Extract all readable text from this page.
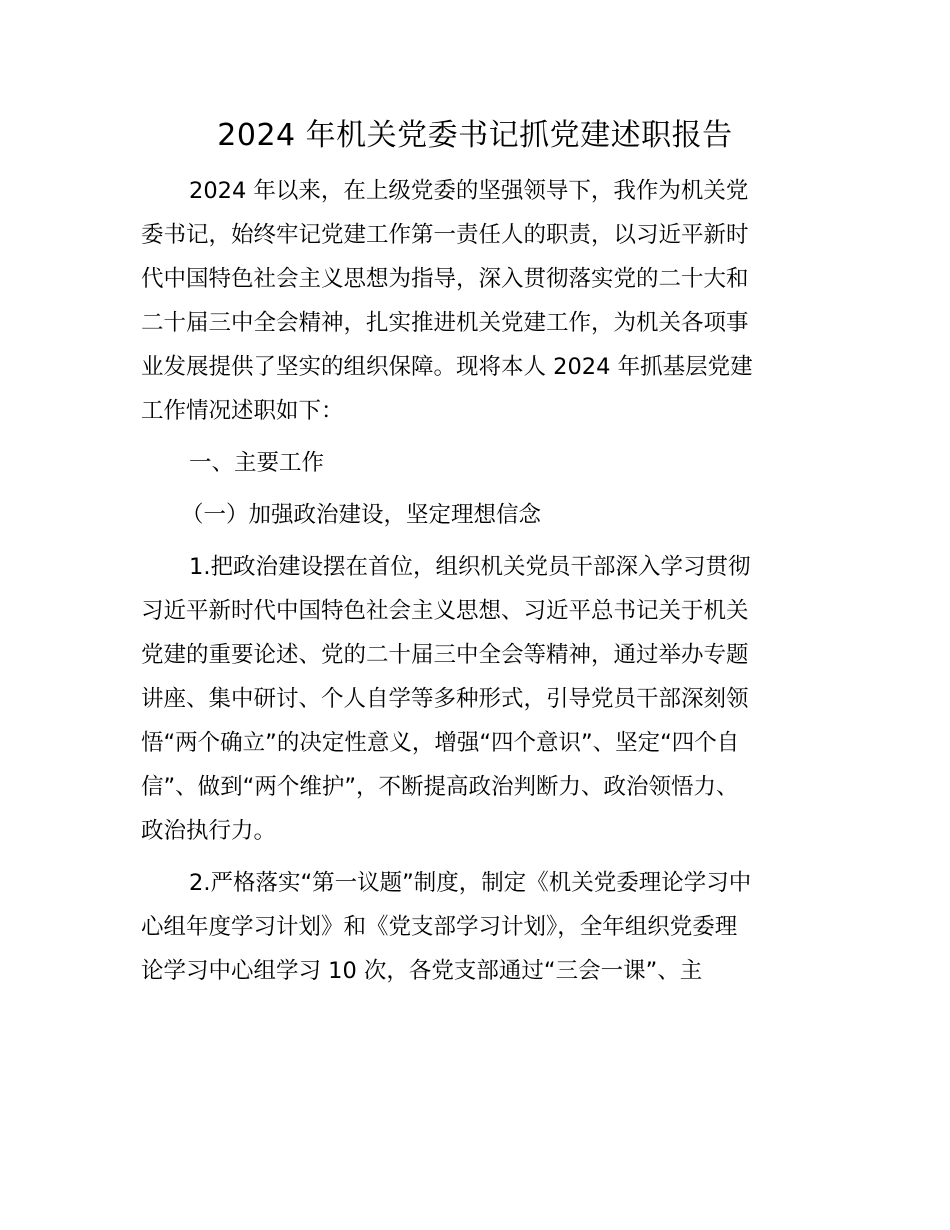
2024 年机关党委书记抓党建述职报告
2024 年以来，在上级党委的坚强领导下，我作为机关党
委书记，始终牢记党建工作第一责任人的职责，以习近平新时
代中国特色社会主义思想为指导，深入贯彻落实党的二十大和
二十届三中全会精神，扎实推进机关党建工作，为机关各项事
业发展提供了坚实的组织保障。现将本人 2024 年抓基层党建
工作情况述职如下：
一、主要工作
（一）加强政治建设，坚定理想信念
1.把政治建设摆在首位，组织机关党员干部深入学习贯彻
习近平新时代中国特色社会主义思想、习近平总书记关于机关
党建的重要论述、党的二十届三中全会等精神，通过举办专题
讲座、集中研讨、个人自学等多种形式，引导党员干部深刻领
悟“两个确立”的决定性意义，增强“四个意识”、坚定“四个自
信”、做到“两个维护”，不断提高政治判断力、政治领悟力、
政治执行力。
2.严格落实“第一议题”制度，制定《机关党委理论学习中
心组年度学习计划》和《党支部学习计划》，全年组织党委理
论学习中心组学习 10 次，各党支部通过“三会一课”、主
